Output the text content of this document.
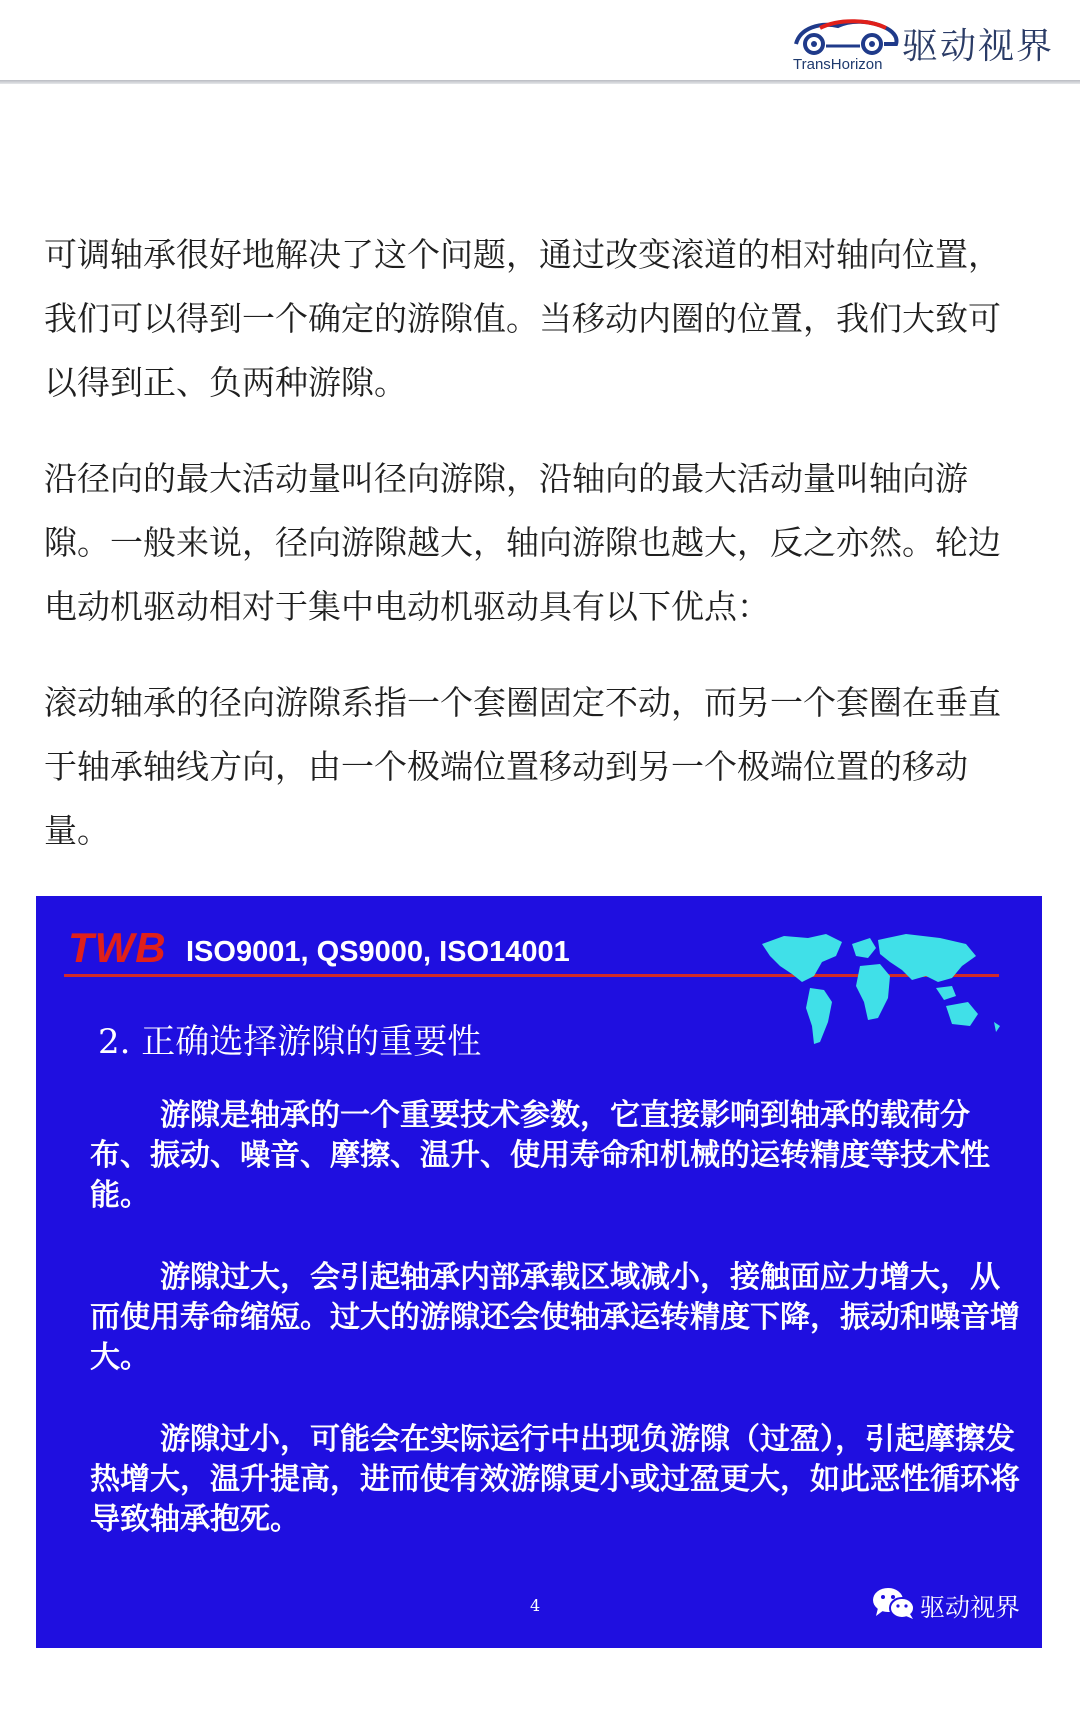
驱动视界
TransHorizon

可调轴承很好地解决了这个问题，通过改变滚道的相对轴向位置，我们可以得到一个确定的游隙值。当移动内圈的位置，我们大致可以得到正、负两种游隙。

沿径向的最大活动量叫径向游隙，沿轴向的最大活动量叫轴向游隙。一般来说，径向游隙越大，轴向游隙也越大，反之亦然。轮边电动机驱动相对于集中电动机驱动具有以下优点：

滚动轴承的径向游隙系指一个套圈固定不动，而另一个套圈在垂直于轴承轴线方向，由一个极端位置移动到另一个极端位置的移动量。

TWB ISO9001, QS9000, ISO14001
2. 正确选择游隙的重要性

游隙是轴承的一个重要技术参数，它直接影响到轴承的载荷分布、振动、噪音、摩擦、温升、使用寿命和机械的运转精度等技术性能。

游隙过大，会引起轴承内部承载区域减小，接触面应力增大，从而使用寿命缩短。过大的游隙还会使轴承运转精度下降，振动和噪音增大。

游隙过小，可能会在实际运行中出现负游隙（过盈），引起摩擦发热增大，温升提高，进而使有效游隙更小或过盈更大，如此恶性循环将导致轴承抱死。

4	驱动视界
